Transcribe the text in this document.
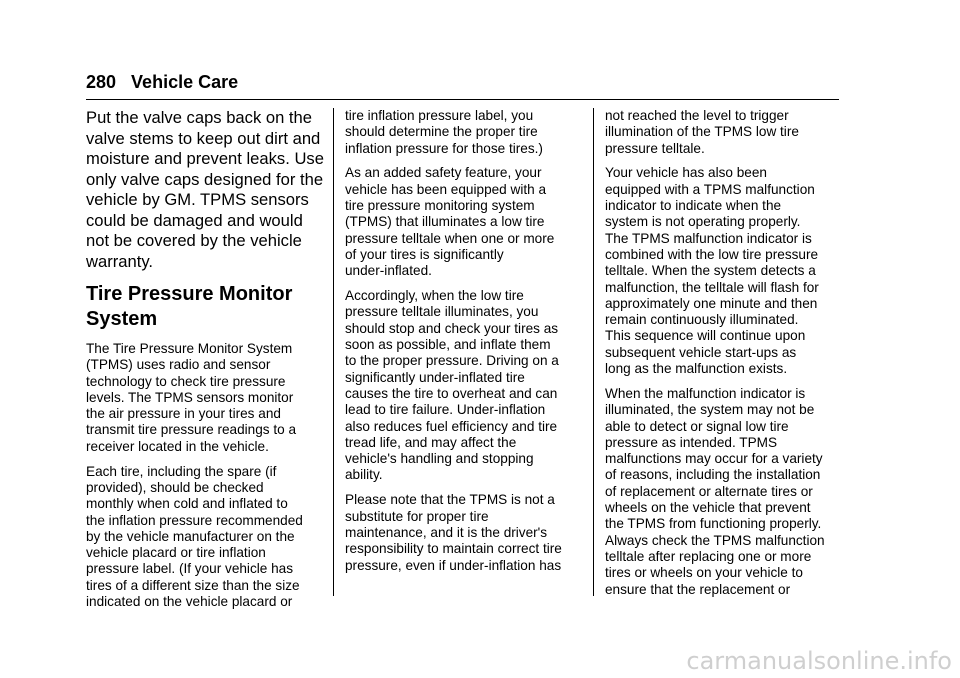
280 Vehicle Care
Put the valve caps back on the
valve stems to keep out dirt and
moisture and prevent leaks. Use
only valve caps designed for the
vehicle by GM. TPMS sensors
could be damaged and would
not be covered by the vehicle
warranty.
Tire Pressure Monitor
System
The Tire Pressure Monitor System
(TPMS) uses radio and sensor
technology to check tire pressure
levels. The TPMS sensors monitor
the air pressure in your tires and
transmit tire pressure readings to a
receiver located in the vehicle.
Each tire, including the spare (if
provided), should be checked
monthly when cold and inflated to
the inflation pressure recommended
by the vehicle manufacturer on the
vehicle placard or tire inflation
pressure label. (If your vehicle has
tires of a different size than the size
indicated on the vehicle placard or
tire inflation pressure label, you
should determine the proper tire
inflation pressure for those tires.)
As an added safety feature, your
vehicle has been equipped with a
tire pressure monitoring system
(TPMS) that illuminates a low tire
pressure telltale when one or more
of your tires is significantly
under-inflated.
Accordingly, when the low tire
pressure telltale illuminates, you
should stop and check your tires as
soon as possible, and inflate them
to the proper pressure. Driving on a
significantly under-inflated tire
causes the tire to overheat and can
lead to tire failure. Under-inflation
also reduces fuel efficiency and tire
tread life, and may affect the
vehicle's handling and stopping
ability.
Please note that the TPMS is not a
substitute for proper tire
maintenance, and it is the driver's
responsibility to maintain correct tire
pressure, even if under-inflation has
not reached the level to trigger
illumination of the TPMS low tire
pressure telltale.
Your vehicle has also been
equipped with a TPMS malfunction
indicator to indicate when the
system is not operating properly.
The TPMS malfunction indicator is
combined with the low tire pressure
telltale. When the system detects a
malfunction, the telltale will flash for
approximately one minute and then
remain continuously illuminated.
This sequence will continue upon
subsequent vehicle start-ups as
long as the malfunction exists.
When the malfunction indicator is
illuminated, the system may not be
able to detect or signal low tire
pressure as intended. TPMS
malfunctions may occur for a variety
of reasons, including the installation
of replacement or alternate tires or
wheels on the vehicle that prevent
the TPMS from functioning properly.
Always check the TPMS malfunction
telltale after replacing one or more
tires or wheels on your vehicle to
ensure that the replacement or
carmanualsonline.info
